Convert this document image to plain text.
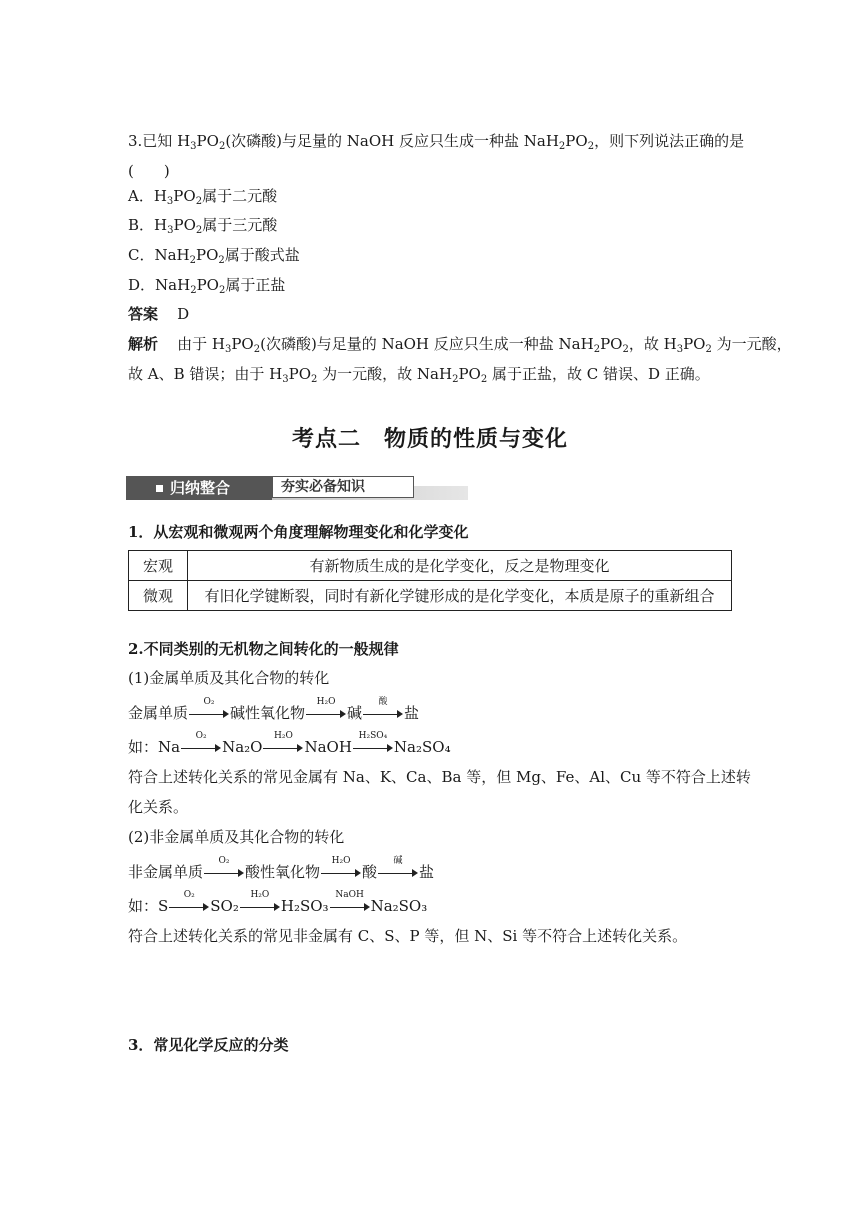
3.已知 $H_3PO_2$(次磷酸)与足量的 NaOH 反应只生成一种盐 $NaH_2PO_2$，则下列说法正确的是
(　　)
A．$H_3PO_2$属于二元酸
B．$H_3PO_2$属于三元酸
C．$NaH_2PO_2$属于酸式盐
D．$NaH_2PO_2$属于正盐
答案 D
解析 由于 $H_3PO_2$(次磷酸)与足量的 NaOH 反应只生成一种盐 $NaH_2PO_2$，故 $H_3PO_2$ 为一元酸，
故 A、B 错误；由于 $H_3PO_2$ 为一元酸，故 $NaH_2PO_2$ 属于正盐，故 C 错误、D 正确。
考点二　物质的性质与变化
归纳整合	夯实必备知识
1．从宏观和微观两个角度理解物理变化和化学变化
宏观	有新物质生成的是化学变化，反之是物理变化
微观	有旧化学键断裂，同时有新化学键形成的是化学变化，本质是原子的重新组合
2.不同类别的无机物之间转化的一般规律
(1)金属单质及其化合物的转化
金属单质
O₂
碱性氧化物
H₂O
碱
酸
盐
如：Na
O₂
Na₂O
H₂O
NaOH
H₂SO₄
Na₂SO₄
符合上述转化关系的常见金属有 Na、K、Ca、Ba 等，但 Mg、Fe、Al、Cu 等不符合上述转
化关系。
(2)非金属单质及其化合物的转化
非金属单质
O₂
酸性氧化物
H₂O
酸
碱
盐
如：S
O₂
SO₂
H₂O
H₂SO₃
NaOH
Na₂SO₃
符合上述转化关系的常见非金属有 C、S、P 等，但 N、Si 等不符合上述转化关系。
3．常见化学反应的分类
